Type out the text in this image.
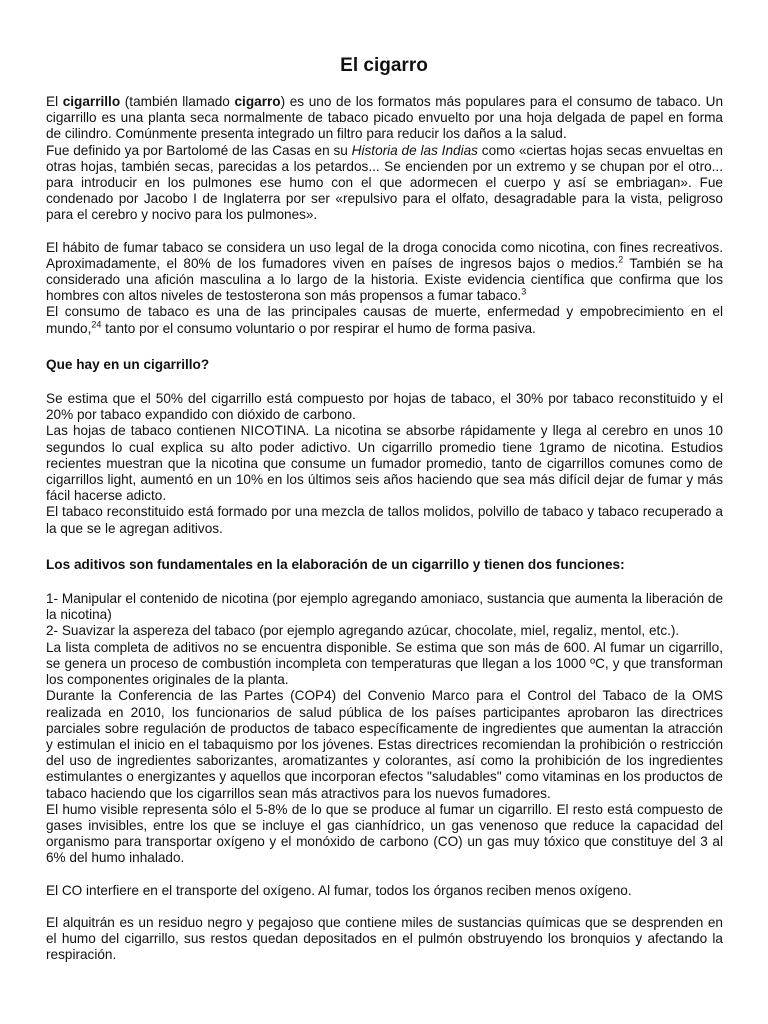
El cigarro

El cigarrillo (también llamado cigarro) es uno de los formatos más populares para el consumo de tabaco. Un cigarrillo es una planta seca normalmente de tabaco picado envuelto por una hoja delgada de papel en forma de cilindro. Comúnmente presenta integrado un filtro para reducir los daños a la salud.

Fue definido ya por Bartolomé de las Casas en su Historia de las Indias como «ciertas hojas secas envueltas en otras hojas, también secas, parecidas a los petardos... Se encienden por un extremo y se chupan por el otro... para introducir en los pulmones ese humo con el que adormecen el cuerpo y así se embriagan». Fue condenado por Jacobo I de Inglaterra por ser «repulsivo para el olfato, desagradable para la vista, peligroso para el cerebro y nocivo para los pulmones».

El hábito de fumar tabaco se considera un uso legal de la droga conocida como nicotina, con fines recreativos. Aproximadamente, el 80% de los fumadores viven en países de ingresos bajos o medios.$^2$ También se ha considerado una afición masculina a lo largo de la historia. Existe evidencia científica que confirma que los hombres con altos niveles de testosterona son más propensos a fumar tabaco.$^3$

El consumo de tabaco es una de las principales causas de muerte, enfermedad y empobrecimiento en el mundo,$^{24}$ tanto por el consumo voluntario o por respirar el humo de forma pasiva.

Que hay en un cigarrillo?

Se estima que el 50% del cigarrillo está compuesto por hojas de tabaco, el 30% por tabaco reconstituido y el 20% por tabaco expandido con dióxido de carbono.

Las hojas de tabaco contienen NICOTINA. La nicotina se absorbe rápidamente y llega al cerebro en unos 10 segundos lo cual explica su alto poder adictivo. Un cigarrillo promedio tiene 1gramo de nicotina. Estudios recientes muestran que la nicotina que consume un fumador promedio, tanto de cigarrillos comunes como de cigarrillos light, aumentó en un 10% en los últimos seis años haciendo que sea más difícil dejar de fumar y más fácil hacerse adicto.

El tabaco reconstituido está formado por una mezcla de tallos molidos, polvillo de tabaco y tabaco recuperado a la que se le agregan aditivos.

Los aditivos son fundamentales en la elaboración de un cigarrillo y tienen dos funciones:

1- Manipular el contenido de nicotina (por ejemplo agregando amoniaco, sustancia que aumenta la liberación de la nicotina)

2- Suavizar la aspereza del tabaco (por ejemplo agregando azúcar, chocolate, miel, regaliz, mentol, etc.).

La lista completa de aditivos no se encuentra disponible. Se estima que son más de 600. Al fumar un cigarrillo, se genera un proceso de combustión incompleta con temperaturas que llegan a los 1000 ºC, y que transforman los componentes originales de la planta.

Durante la Conferencia de las Partes (COP4) del Convenio Marco para el Control del Tabaco de la OMS realizada en 2010, los funcionarios de salud pública de los países participantes aprobaron las directrices parciales sobre regulación de productos de tabaco específicamente de ingredientes que aumentan la atracción y estimulan el inicio en el tabaquismo por los jóvenes. Estas directrices recomiendan la prohibición o restricción del uso de ingredientes saborizantes, aromatizantes y colorantes, así como la prohibición de los ingredientes estimulantes o energizantes y aquellos que incorporan efectos "saludables" como vitaminas en los productos de tabaco haciendo que los cigarrillos sean más atractivos para los nuevos fumadores.

El humo visible representa sólo el 5-8% de lo que se produce al fumar un cigarrillo. El resto está compuesto de gases invisibles, entre los que se incluye el gas cianhídrico, un gas venenoso que reduce la capacidad del organismo para transportar oxígeno y el monóxido de carbono (CO) un gas muy tóxico que constituye del 3 al 6% del humo inhalado.

El CO interfiere en el transporte del oxígeno. Al fumar, todos los órganos reciben menos oxígeno.

El alquitrán es un residuo negro y pegajoso que contiene miles de sustancias químicas que se desprenden en el humo del cigarrillo, sus restos quedan depositados en el pulmón obstruyendo los bronquios y afectando la respiración.
